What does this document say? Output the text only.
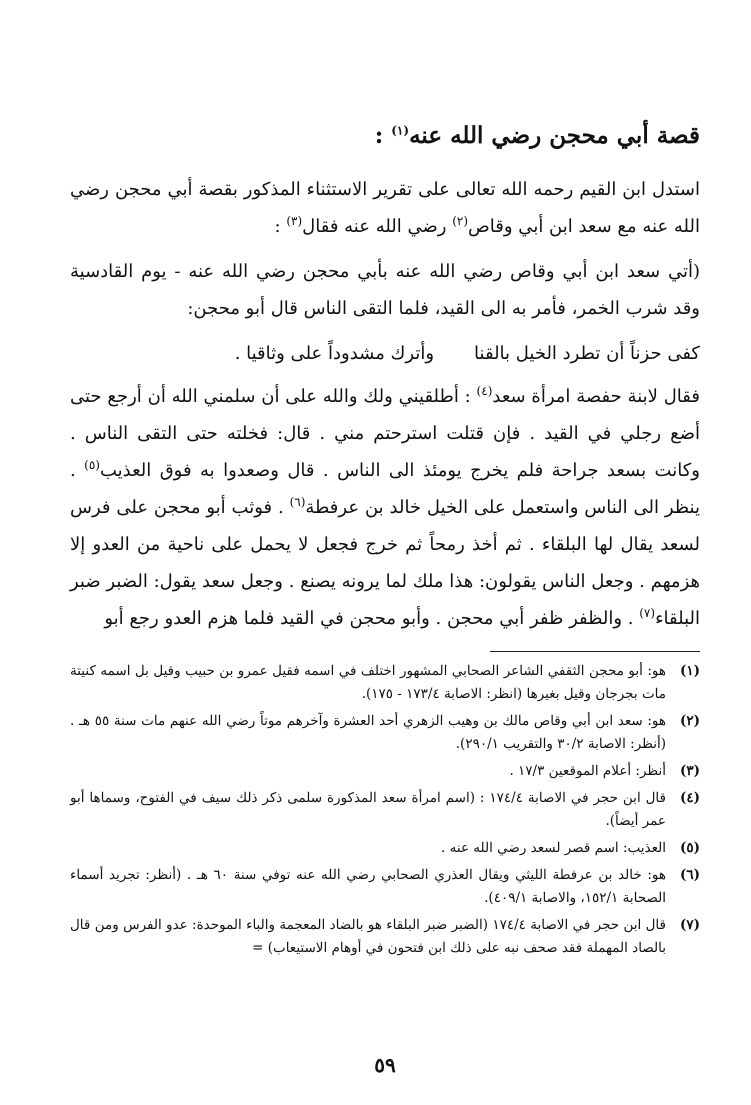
قصة أبي محجن رضي الله عنه$^{(١)}$ :

استدل ابن القيم رحمه الله تعالى على تقرير الاستثناء المذكور بقصة أبي محجن رضي الله عنه مع سعد ابن أبي وقاص$^{(٢)}$ رضي الله عنه فقال$^{(٣)}$ :

(أتي سعد ابن أبي وقاص رضي الله عنه بأبي محجن رضي الله عنه - يوم القادسية وقد شرب الخمر، فأمر به الى القيد، فلما التقى الناس قال أبو محجن:

كفى حزناً أن تطرد الخيل بالقنا
وأترك مشدوداً على وثاقيا .

فقال لابنة حفصة امرأة سعد$^{(٤)}$ : أطلقيني ولك والله على أن سلمني الله أن أرجع حتى أضع رجلي في القيد . فإن قتلت استرحتم مني . قال: فخلته حتى التقى الناس . وكانت بسعد جراحة فلم يخرج يومئذ الى الناس . قال وصعدوا به فوق العذيب$^{(٥)}$ . ينظر الى الناس واستعمل على الخيل خالد بن عرفطة$^{(٦)}$ . فوثب أبو محجن على فرس لسعد يقال لها البلقاء . ثم أخذ رمحاً ثم خرج فجعل لا يحمل على ناحية من العدو إلا هزمهم . وجعل الناس يقولون: هذا ملك لما يرونه يصنع . وجعل سعد يقول: الضبر ضبر البلقاء$^{(٧)}$ . والظفر ظفر أبي محجن . وأبو محجن في القيد فلما هزم العدو رجع أبو

(١)
هو: أبو محجن الثقفي الشاعر الصحابي المشهور اختلف في اسمه فقيل عمرو بن حبيب وقيل بل اسمه كنيتة مات بجرجان وقيل بغيرها (انظر: الاصابة ١٧٣/٤ - ١٧٥).
(٢)
هو: سعد ابن أبي وقاص مالك بن وهيب الزهري أحد العشرة وآخرهم موتاً رضي الله عنهم مات سنة ٥٥ هـ . (أنظر: الاصابة ٣٠/٢ والتقريب ٢٩٠/١).
(٣)
أنظر: أعلام الموقعين ١٧/٣ .
(٤)
قال ابن حجر في الاصابة ١٧٤/٤ : (اسم امرأة سعد المذكورة سلمى ذكر ذلك سيف في الفتوح، وسماها أبو عمر أيضاً).
(٥)
العذيب: اسم قصر لسعد رضي الله عنه .
(٦)
هو: خالد بن عرفطة الليثي ويقال العذري الصحابي رضي الله عنه توفي سنة ٦٠ هـ . (أنظر: تجريد أسماء الصحابة ١٥٢/١، والاصابة ٤٠٩/١).
(٧)
قال ابن حجر في الاصابة ١٧٤/٤ (الضبر ضبر البلقاء هو بالضاد المعجمة والباء الموحدة: عدو الفرس ومن قال بالصاد المهملة فقد صحف نبه على ذلك ابن فتحون في أوهام الاستيعاب) =
٥٩
